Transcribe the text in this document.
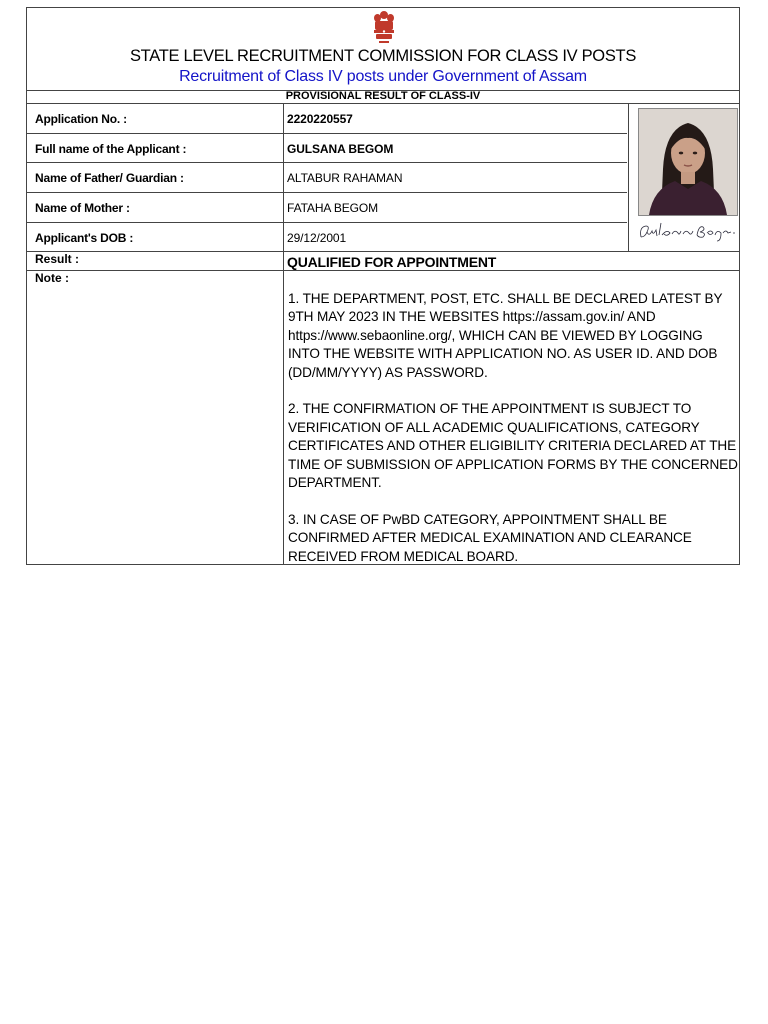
STATE LEVEL RECRUITMENT COMMISSION FOR CLASS IV POSTS
Recruitment of Class IV posts under Government of Assam
PROVISIONAL RESULT OF CLASS-IV
Application No. :	2220220557
Full name of the Applicant :	GULSANA BEGOM
Name of Father/ Guardian :	ALTABUR RAHAMAN
Name of Mother :	FATAHA BEGOM
Applicant's DOB :	29/12/2001
Result :	QUALIFIED FOR APPOINTMENT
Note :

1. THE DEPARTMENT, POST, ETC. SHALL BE DECLARED LATEST BY 9TH MAY 2023 IN THE WEBSITES https://assam.gov.in/ AND https://www.sebaonline.org/, WHICH CAN BE VIEWED BY LOGGING INTO THE WEBSITE WITH APPLICATION NO. AS USER ID. AND DOB (DD/MM/YYYY) AS PASSWORD.

2. THE CONFIRMATION OF THE APPOINTMENT IS SUBJECT TO VERIFICATION OF ALL ACADEMIC QUALIFICATIONS, CATEGORY CERTIFICATES AND OTHER ELIGIBILITY CRITERIA DECLARED AT THE TIME OF SUBMISSION OF APPLICATION FORMS BY THE CONCERNED DEPARTMENT.

3. IN CASE OF PwBD CATEGORY, APPOINTMENT SHALL BE CONFIRMED AFTER MEDICAL EXAMINATION AND CLEARANCE RECEIVED FROM MEDICAL BOARD.
